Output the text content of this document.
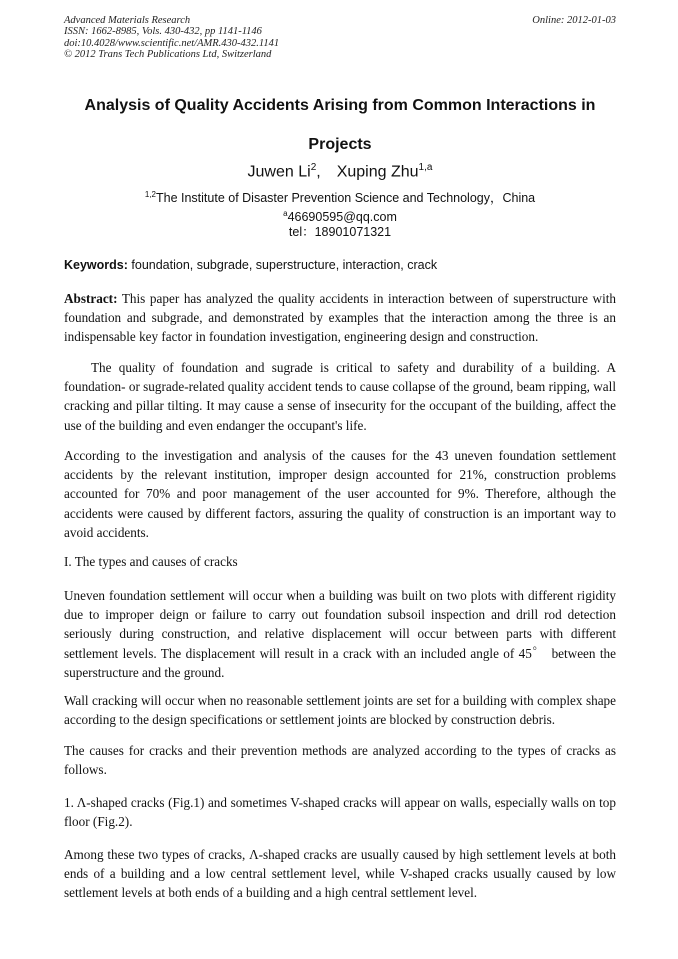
Advanced Materials Research
ISSN: 1662-8985, Vols. 430-432, pp 1141-1146
doi:10.4028/www.scientific.net/AMR.430-432.1141
© 2012 Trans Tech Publications Ltd, Switzerland
Online: 2012-01-03
Analysis of Quality Accidents Arising from Common Interactions in Projects
Juwen Li$^2$, Xuping Zhu$^{1,a}$
$^{1,2}$The Institute of Disaster Prevention Science and Technology，China
$^a$46690595@qq.com
tel：18901071321
Keywords: foundation, subgrade, superstructure, interaction, crack

Abstract: This paper has analyzed the quality accidents in interaction between of superstructure with foundation and subgrade, and demonstrated by examples that the interaction among the three is an indispensable key factor in foundation investigation, engineering design and construction.

The quality of foundation and sugrade is critical to safety and durability of a building. A foundation- or sugrade-related quality accident tends to cause collapse of the ground, beam ripping, wall cracking and pillar tilting. It may cause a sense of insecurity for the occupant of the building, affect the use of the building and even endanger the occupant's life.

According to the investigation and analysis of the causes for the 43 uneven foundation settlement accidents by the relevant institution, improper design accounted for 21%, construction problems accounted for 70% and poor management of the user accounted for 9%. Therefore, although the accidents were caused by different factors, assuring the quality of construction is an important way to avoid accidents.

I. The types and causes of cracks

Uneven foundation settlement will occur when a building was built on two plots with different rigidity due to improper deign or failure to carry out foundation subsoil inspection and drill rod detection seriously during construction, and relative displacement will occur between parts with different settlement levels. The displacement will result in a crack with an included angle of 45゜ between the superstructure and the ground.

Wall cracking will occur when no reasonable settlement joints are set for a building with complex shape according to the design specifications or settlement joints are blocked by construction debris.

The causes for cracks and their prevention methods are analyzed according to the types of cracks as follows.

1. Λ-shaped cracks (Fig.1) and sometimes V-shaped cracks will appear on walls, especially walls on top floor (Fig.2).

Among these two types of cracks, Λ-shaped cracks are usually caused by high settlement levels at both ends of a building and a low central settlement level, while V-shaped cracks usually caused by low settlement levels at both ends of a building and a high central settlement level.
